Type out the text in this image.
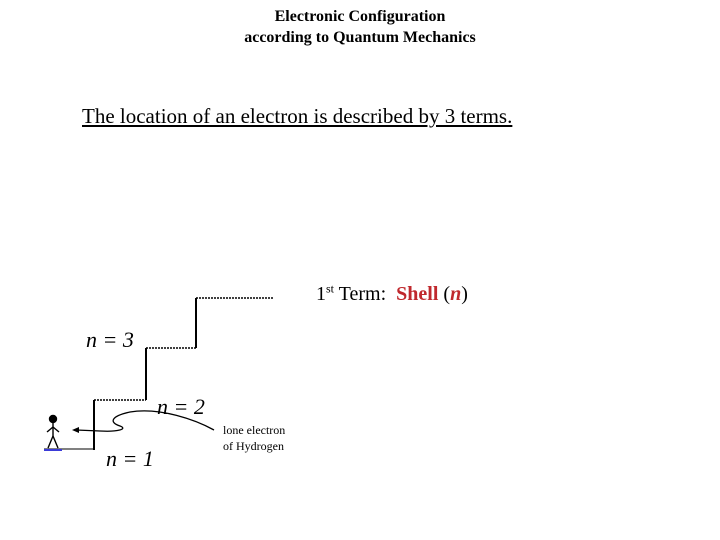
Electronic Configuration
according to Quantum Mechanics
The location of an electron is described by 3 terms.
1st Term: Shell (n)
n = 3
n = 2
n = 1
lone electron
of Hydrogen
